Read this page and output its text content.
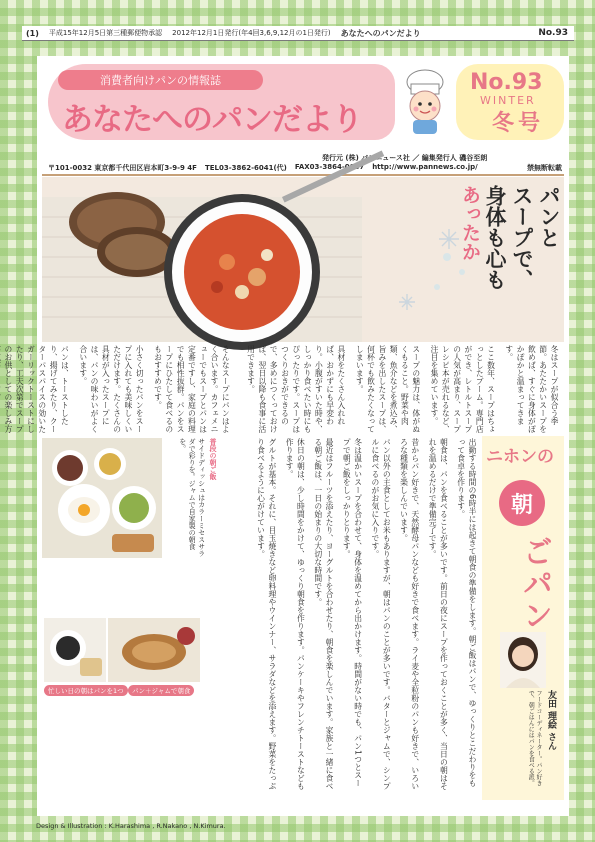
(1) 平成15年12月5日第三種郵便物承認 2012年12月1日発行(年4回3,6,9,12月の1日発行) あなたへのパンだより	No.93
消費者向けパンの情報誌
あなたへのパンだより
No.93
WINTER
冬号
発行元 (株) パンニュース社 ／ 編集発行人 磯谷至朗
〒101-0032 東京都千代田区岩本町3-9-9 4F TEL03-3862-6041(代) FAX03-3864-0087 http://www.pannews.co.jp/	禁無断転載
パンと
スープで、
身体も心も
あったか
冬はスープが似合う季節。あたたかいスープを飲めば、すぐに身体がぽかぽかと温まってきます。
ここ数年、スープはちょっとしたブーム。専門店ができ、レトルトスープの人気が高まり、スープレシピ本が売れるなど、注目を集めています。
スープの魅力は、体がぬくもること。野菜や肉類、魚介などを煮込み、旨みを出したスープは、何杯でも飲みたくなってしまいます。
具材をたくさん入れれば、おかずにも早変わり。小腹がすいた時や、しっかり食べたい時にもぴったりです。スープはつくりおきができるので、多めにつくっておけば、翌日以降も食事に活用できます。
そんなスープにパンはよく合います。カフェメニューでもスープとパンは定番ですし、家庭の料理でも相性抜群。パンをスープにひたして食べるのもおすすめです。
小さく切ったパンをスープに入れても美味しくいただけます。たくさんの具材が入ったスープには、パンの味わいがよく合います。
パンは、トーストしたり、揚げてみたり、クーターパスパイスの効いたガーリックトーストにしたり、工夫次第でスープのお供としての楽しみ方
普段の朝ご飯
サイドディッシュはカラーミセスサラダで彩りを。ジャムで自家製の朝食を。
忙しい日の朝はパンを1つ	パン＋ジャムで朝食	出勤する時間の6時半には起きて朝食の準備をします。朝ご飯はパンで、ゆっくりとこだわりをもって食卓を作ります。
朝食は、パンを食べることが多いです。前日の夜にスープを作っておくことが多く、当日の朝はそれを温めるだけで準備完了です。
昔からパン好きで、天然酵母パンなども好きで食べます。ライ麦や全粒粉のパンも好きで、いろいろな種類を楽しんでいます。
パン以外の主食としてお米もありますが、朝はパンのことが多いです。バターとジャムで、シンプルに食べるのがお気に入りです。
冬は温かいスープを合わせて、身体を温めてから出かけます。時間がない時でも、パン1つとスープで朝ご飯をしっかりとります。
最近はフルーツを添えたり、ヨーグルトを合わせたり、朝食を楽しんでいます。家族と一緒に食べる朝ご飯は、一日の始まりの大切な時間です。
休日の朝は、少し時間をかけて、ゆっくり朝食を作ります。パンケーキやフレンチトーストなども作ります。
グルトが基本。それに、目玉焼きなど卵料理やウインナー、サラダなどを添えます。野菜をたっぷり食べるように心がけています。	ニホンの
朝
ごパン
友田 理絵 さん
フードコーディネーター。パン好きで、朝ごはんにはパンを食べる派。
Design & Illustration : K.Harashima , R.Nakano , N.Kimura.
